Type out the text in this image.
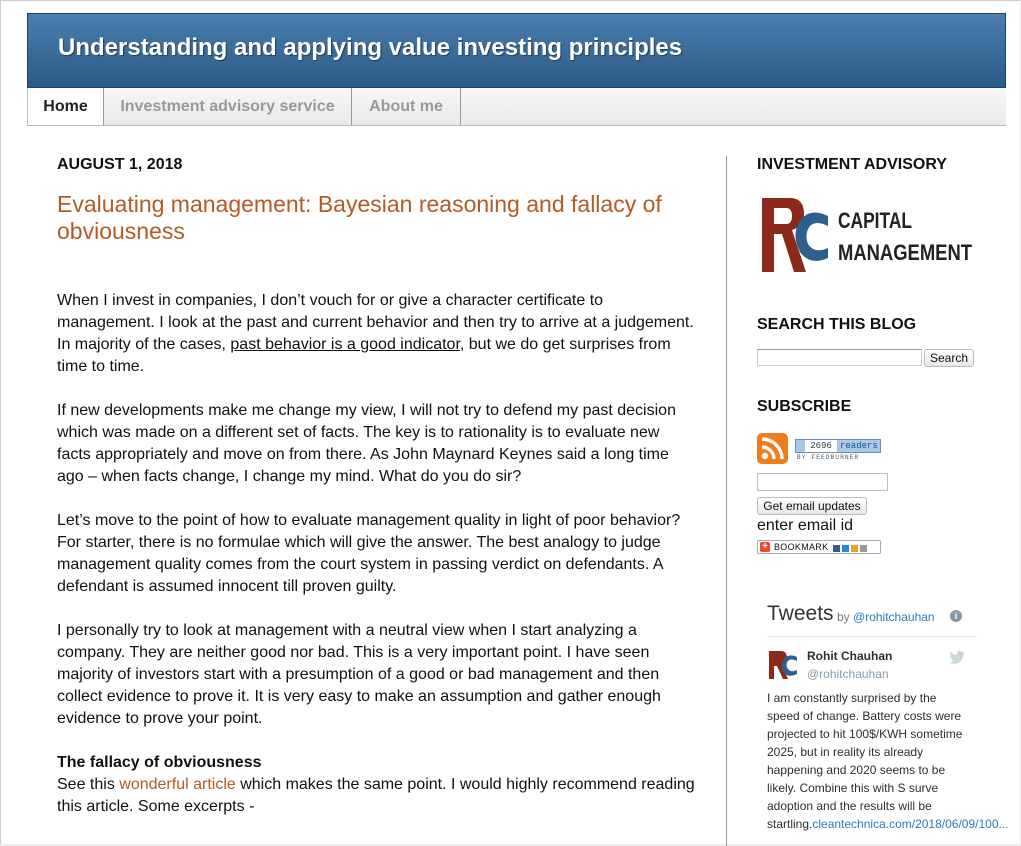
Understanding and applying value investing principles
Home	Investment advisory service	About me
AUGUST 1, 2018
Evaluating management: Bayesian reasoning and fallacy of obviousness

When I invest in companies, I don’t vouch for or give a character certificate to management. I look at the past and current behavior and then try to arrive at a judgement. In majority of the cases, past behavior is a good indicator, but we do get surprises from time to time.

If new developments make me change my view, I will not try to defend my past decision which was made on a different set of facts. The key is to rationality is to evaluate new facts appropriately and move on from there. As John Maynard Keynes said a long time ago – when facts change, I change my mind. What do you do sir?

Let’s move to the point of how to evaluate management quality in light of poor behavior? For starter, there is no formulae which will give the answer. The best analogy to judge management quality comes from the court system in passing verdict on defendants. A defendant is assumed innocent till proven guilty.

I personally try to look at management with a neutral view when I start analyzing a company. They are neither good nor bad. This is a very important point. I have seen majority of investors start with a presumption of a good or bad management and then collect evidence to prove it. It is very easy to make an assumption and gather enough evidence to prove your point.

The fallacy of obviousness
See this wonderful article which makes the same point. I would highly recommend reading this article. Some excerpts -

INVESTMENT ADVISORY
CAPITAL
MANAGEMENT
SEARCH THIS BLOG
Search
SUBSCRIBE
2696 readers
BY FEEDBURNER
Get email updates
enter email id
+ BOOKMARK
Tweets by @rohitchauhan	i
Rohit Chauhan
@rohitchauhan
I am constantly surprised by the speed of change. Battery costs were projected to hit 100$/KWH sometime 2025, but in reality its already happening and 2020 seems to be likely. Combine this with S surve adoption and the results will be startling.cleantechnica.com/2018/06/09/100...
